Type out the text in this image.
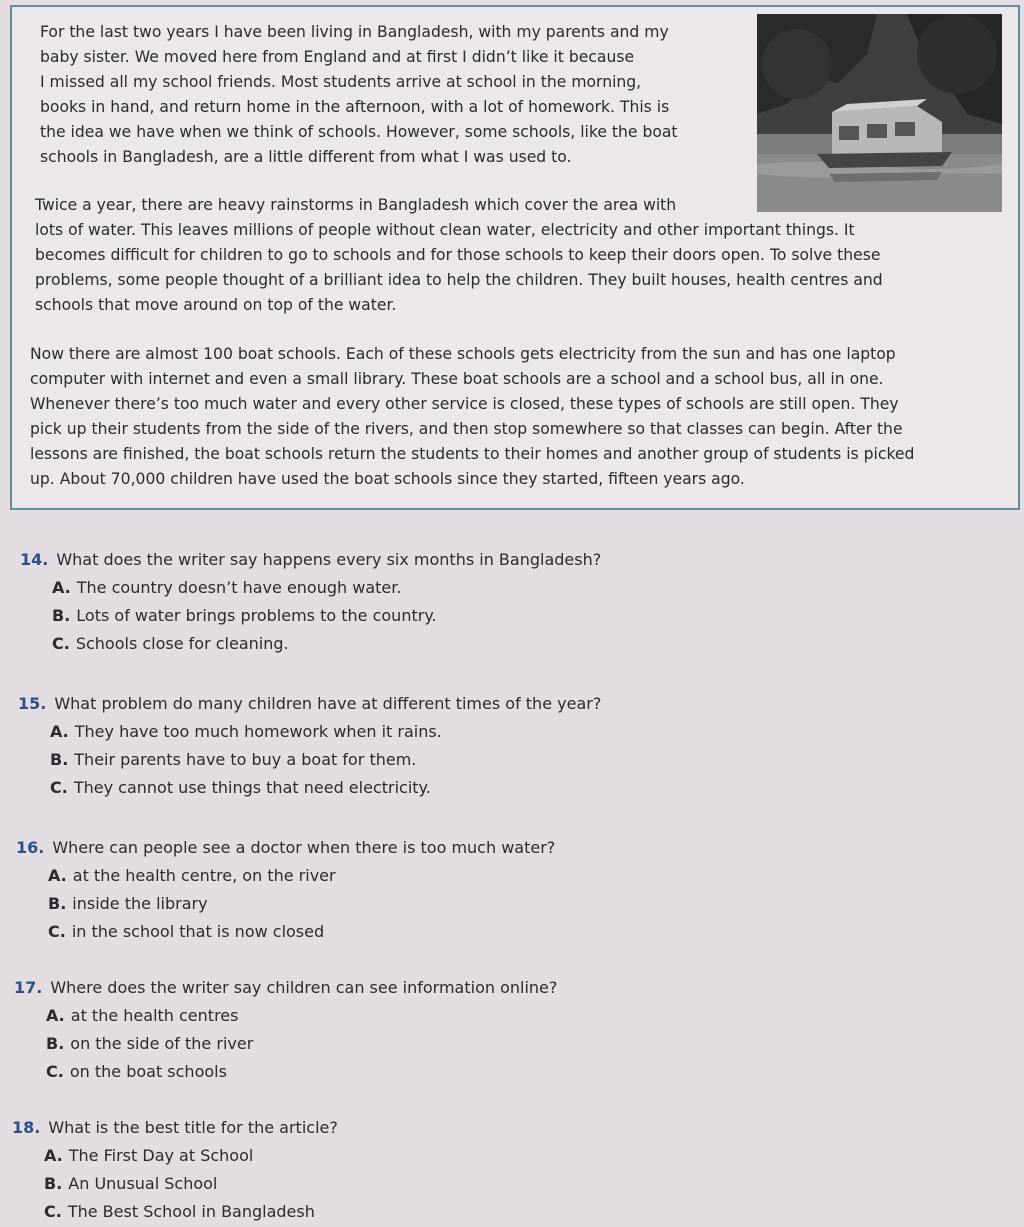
For the last two years I have been living in Bangladesh, with my parents and my
baby sister. We moved here from England and at first I didn’t like it because
I missed all my school friends. Most students arrive at school in the morning,
books in hand, and return home in the afternoon, with a lot of homework. This is
the idea we have when we think of schools. However, some schools, like the boat
schools in Bangladesh, are a little different from what I was used to.
Twice a year, there are heavy rainstorms in Bangladesh which cover the area with
lots of water. This leaves millions of people without clean water, electricity and other important things. It
becomes difficult for children to go to schools and for those schools to keep their doors open. To solve these
problems, some people thought of a brilliant idea to help the children. They built houses, health centres and
schools that move around on top of the water.
Now there are almost 100 boat schools. Each of these schools gets electricity from the sun and has one laptop
computer with internet and even a small library. These boat schools are a school and a school bus, all in one.
Whenever there’s too much water and every other service is closed, these types of schools are still open. They
pick up their students from the side of the rivers, and then stop somewhere so that classes can begin. After the
lessons are finished, the boat schools return the students to their homes and another group of students is picked
up. About 70,000 children have used the boat schools since they started, fifteen years ago.
14. What does the writer say happens every six months in Bangladesh?
A. The country doesn’t have enough water.
B. Lots of water brings problems to the country.
C. Schools close for cleaning.
15. What problem do many children have at different times of the year?
A. They have too much homework when it rains.
B. Their parents have to buy a boat for them.
C. They cannot use things that need electricity.
16. Where can people see a doctor when there is too much water?
A. at the health centre, on the river
B. inside the library
C. in the school that is now closed
17. Where does the writer say children can see information online?
A. at the health centres
B. on the side of the river
C. on the boat schools
18. What is the best title for the article?
A. The First Day at School
B. An Unusual School
C. The Best School in Bangladesh
